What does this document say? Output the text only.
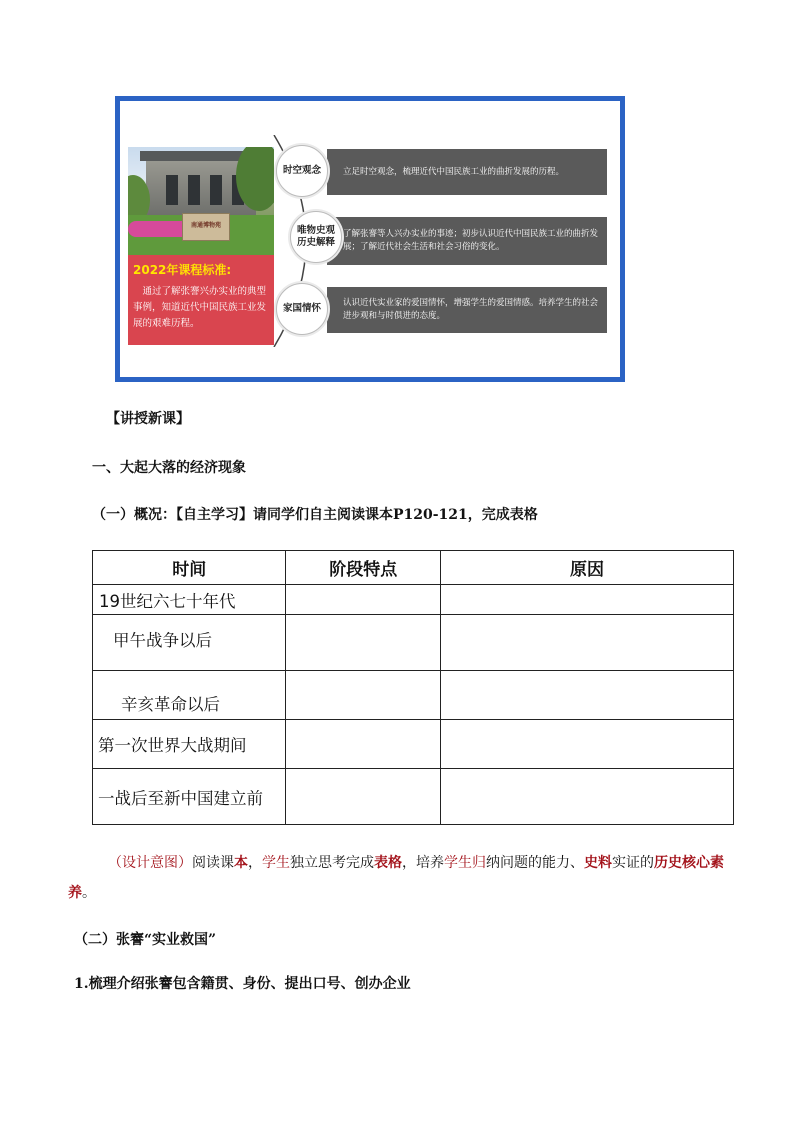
南通博物苑
2022年课程标准:
通过了解张謇兴办实业的典型事例，知道近代中国民族工业发展的艰难历程。
立足时空观念，梳理近代中国民族工业的曲折发展的历程。
了解张謇等人兴办实业的事迹；初步认识近代中国民族工业的曲折发展；了解近代社会生活和社会习俗的变化。
认识近代实业家的爱国情怀，增强学生的爱国情感。培养学生的社会进步观和与时俱进的态度。
时空观念
唯物史观 历史解释
家国情怀
【讲授新课】
一、大起大落的经济现象
（一）概况：【自主学习】请同学们自主阅读课本P120-121，完成表格
时间	阶段特点	原因
19世纪六七十年代		
甲午战争以后		
辛亥革命以后		
第一次世界大战期间		
一战后至新中国建立前		
（设计意图）阅读课本，学生独立思考完成表格，培养学生归纳问题的能力、史料实证的历史核心素养。
（二）张謇“实业救国”
1.梳理介绍张謇包含籍贯、身份、提出口号、创办企业
